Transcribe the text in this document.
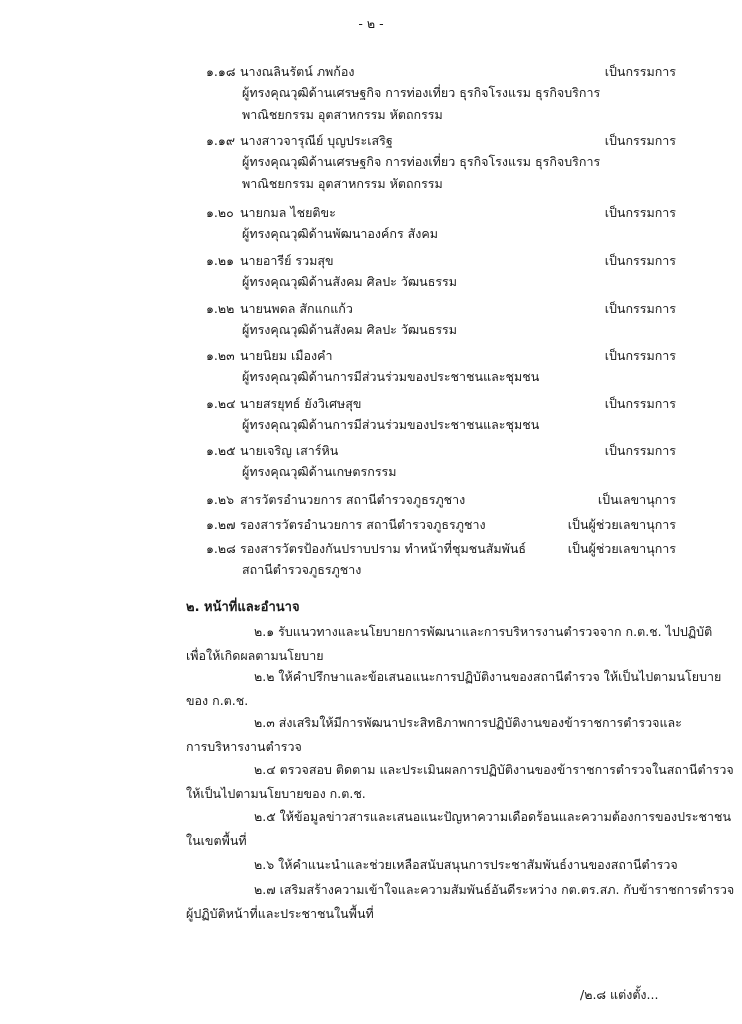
- ๒ -
๑.๑๘ นางณลินรัตน์ ภพก้อง	เป็นกรรมการ
ผู้ทรงคุณวุฒิด้านเศรษฐกิจ การท่องเที่ยว ธุรกิจโรงแรม ธุรกิจบริการ
พาณิชยกรรม อุตสาหกรรม หัตถกรรม
๑.๑๙ นางสาวจารุณีย์ บุญประเสริฐ	เป็นกรรมการ
ผู้ทรงคุณวุฒิด้านเศรษฐกิจ การท่องเที่ยว ธุรกิจโรงแรม ธุรกิจบริการ
พาณิชยกรรม อุตสาหกรรม หัตถกรรม
๑.๒๐ นายกมล ไชยติขะ	เป็นกรรมการ
ผู้ทรงคุณวุฒิด้านพัฒนาองค์กร สังคม
๑.๒๑ นายอารีย์ รวมสุข	เป็นกรรมการ
ผู้ทรงคุณวุฒิด้านสังคม ศิลปะ วัฒนธรรม
๑.๒๒ นายนพดล สักแกแก้ว	เป็นกรรมการ
ผู้ทรงคุณวุฒิด้านสังคม ศิลปะ วัฒนธรรม
๑.๒๓ นายนิยม เมืองคำ	เป็นกรรมการ
ผู้ทรงคุณวุฒิด้านการมีส่วนร่วมของประชาชนและชุมชน
๑.๒๔ นายสรยุทธ์ ยังวิเศษสุข	เป็นกรรมการ
ผู้ทรงคุณวุฒิด้านการมีส่วนร่วมของประชาชนและชุมชน
๑.๒๕ นายเจริญ เสาร์หิน	เป็นกรรมการ
ผู้ทรงคุณวุฒิด้านเกษตรกรรม
๑.๒๖ สารวัตรอำนวยการ สถานีตำรวจภูธรภูชาง	เป็นเลขานุการ
๑.๒๗ รองสารวัตรอำนวยการ สถานีตำรวจภูธรภูชาง	เป็นผู้ช่วยเลขานุการ
๑.๒๘ รองสารวัตรป้องกันปราบปราม ทำหน้าที่ชุมชนสัมพันธ์	เป็นผู้ช่วยเลขานุการ
สถานีตำรวจภูธรภูชาง
๒. หน้าที่และอำนาจ
๒.๑ รับแนวทางและนโยบายการพัฒนาและการบริหารงานตำรวจจาก ก.ต.ช. ไปปฏิบัติ
เพื่อให้เกิดผลตามนโยบาย
๒.๒ ให้คำปรึกษาและข้อเสนอแนะการปฏิบัติงานของสถานีตำรวจ ให้เป็นไปตามนโยบาย
ของ ก.ต.ช.
๒.๓ ส่งเสริมให้มีการพัฒนาประสิทธิภาพการปฏิบัติงานของข้าราชการตำรวจและ
การบริหารงานตำรวจ
๒.๔ ตรวจสอบ ติดตาม และประเมินผลการปฏิบัติงานของข้าราชการตำรวจในสถานีตำรวจ
ให้เป็นไปตามนโยบายของ ก.ต.ช.
๒.๕ ให้ข้อมูลข่าวสารและเสนอแนะปัญหาความเดือดร้อนและความต้องการของประชาชน
ในเขตพื้นที่
๒.๖ ให้คำแนะนำและช่วยเหลือสนับสนุนการประชาสัมพันธ์งานของสถานีตำรวจ
๒.๗ เสริมสร้างความเข้าใจและความสัมพันธ์อันดีระหว่าง กต.ตร.สภ. กับข้าราชการตำรวจ
ผู้ปฏิบัติหน้าที่และประชาชนในพื้นที่
/๒.๘ แต่งตั้ง...
